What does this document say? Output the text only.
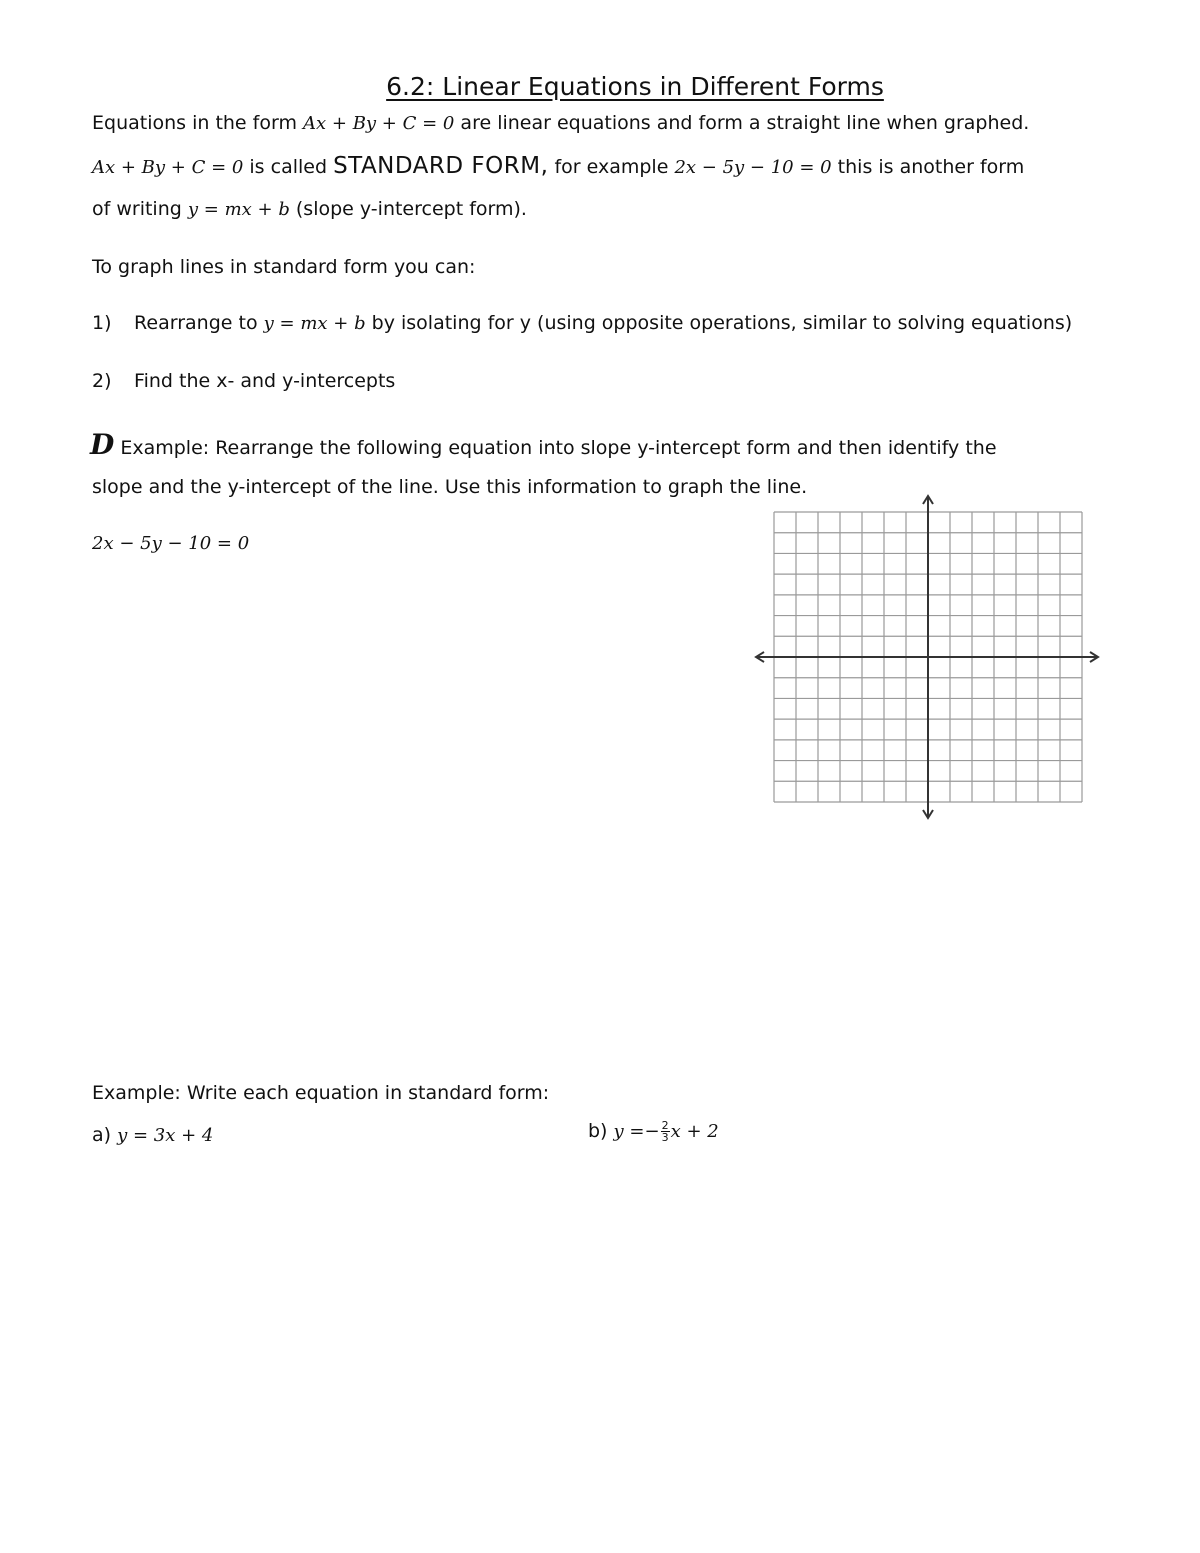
6.2: Linear Equations in Different Forms
Equations in the form Ax + By + C = 0 are linear equations and form a straight line when graphed.
Ax + By + C = 0 is called STANDARD FORM, for example 2x − 5y − 10 = 0 this is another form
of writing y = mx + b (slope y-intercept form).
To graph lines in standard form you can:
1) Rearrange to y = mx + b by isolating for y (using opposite operations, similar to solving equations)
2) Find the x- and y-intercepts
D Example: Rearrange the following equation into slope y-intercept form and then identify the
slope and the y-intercept of the line. Use this information to graph the line.
2x − 5y − 10 = 0
Example: Write each equation in standard form:
a) y = 3x + 4	b) $y =- \frac{2}{3}$ x + 2
